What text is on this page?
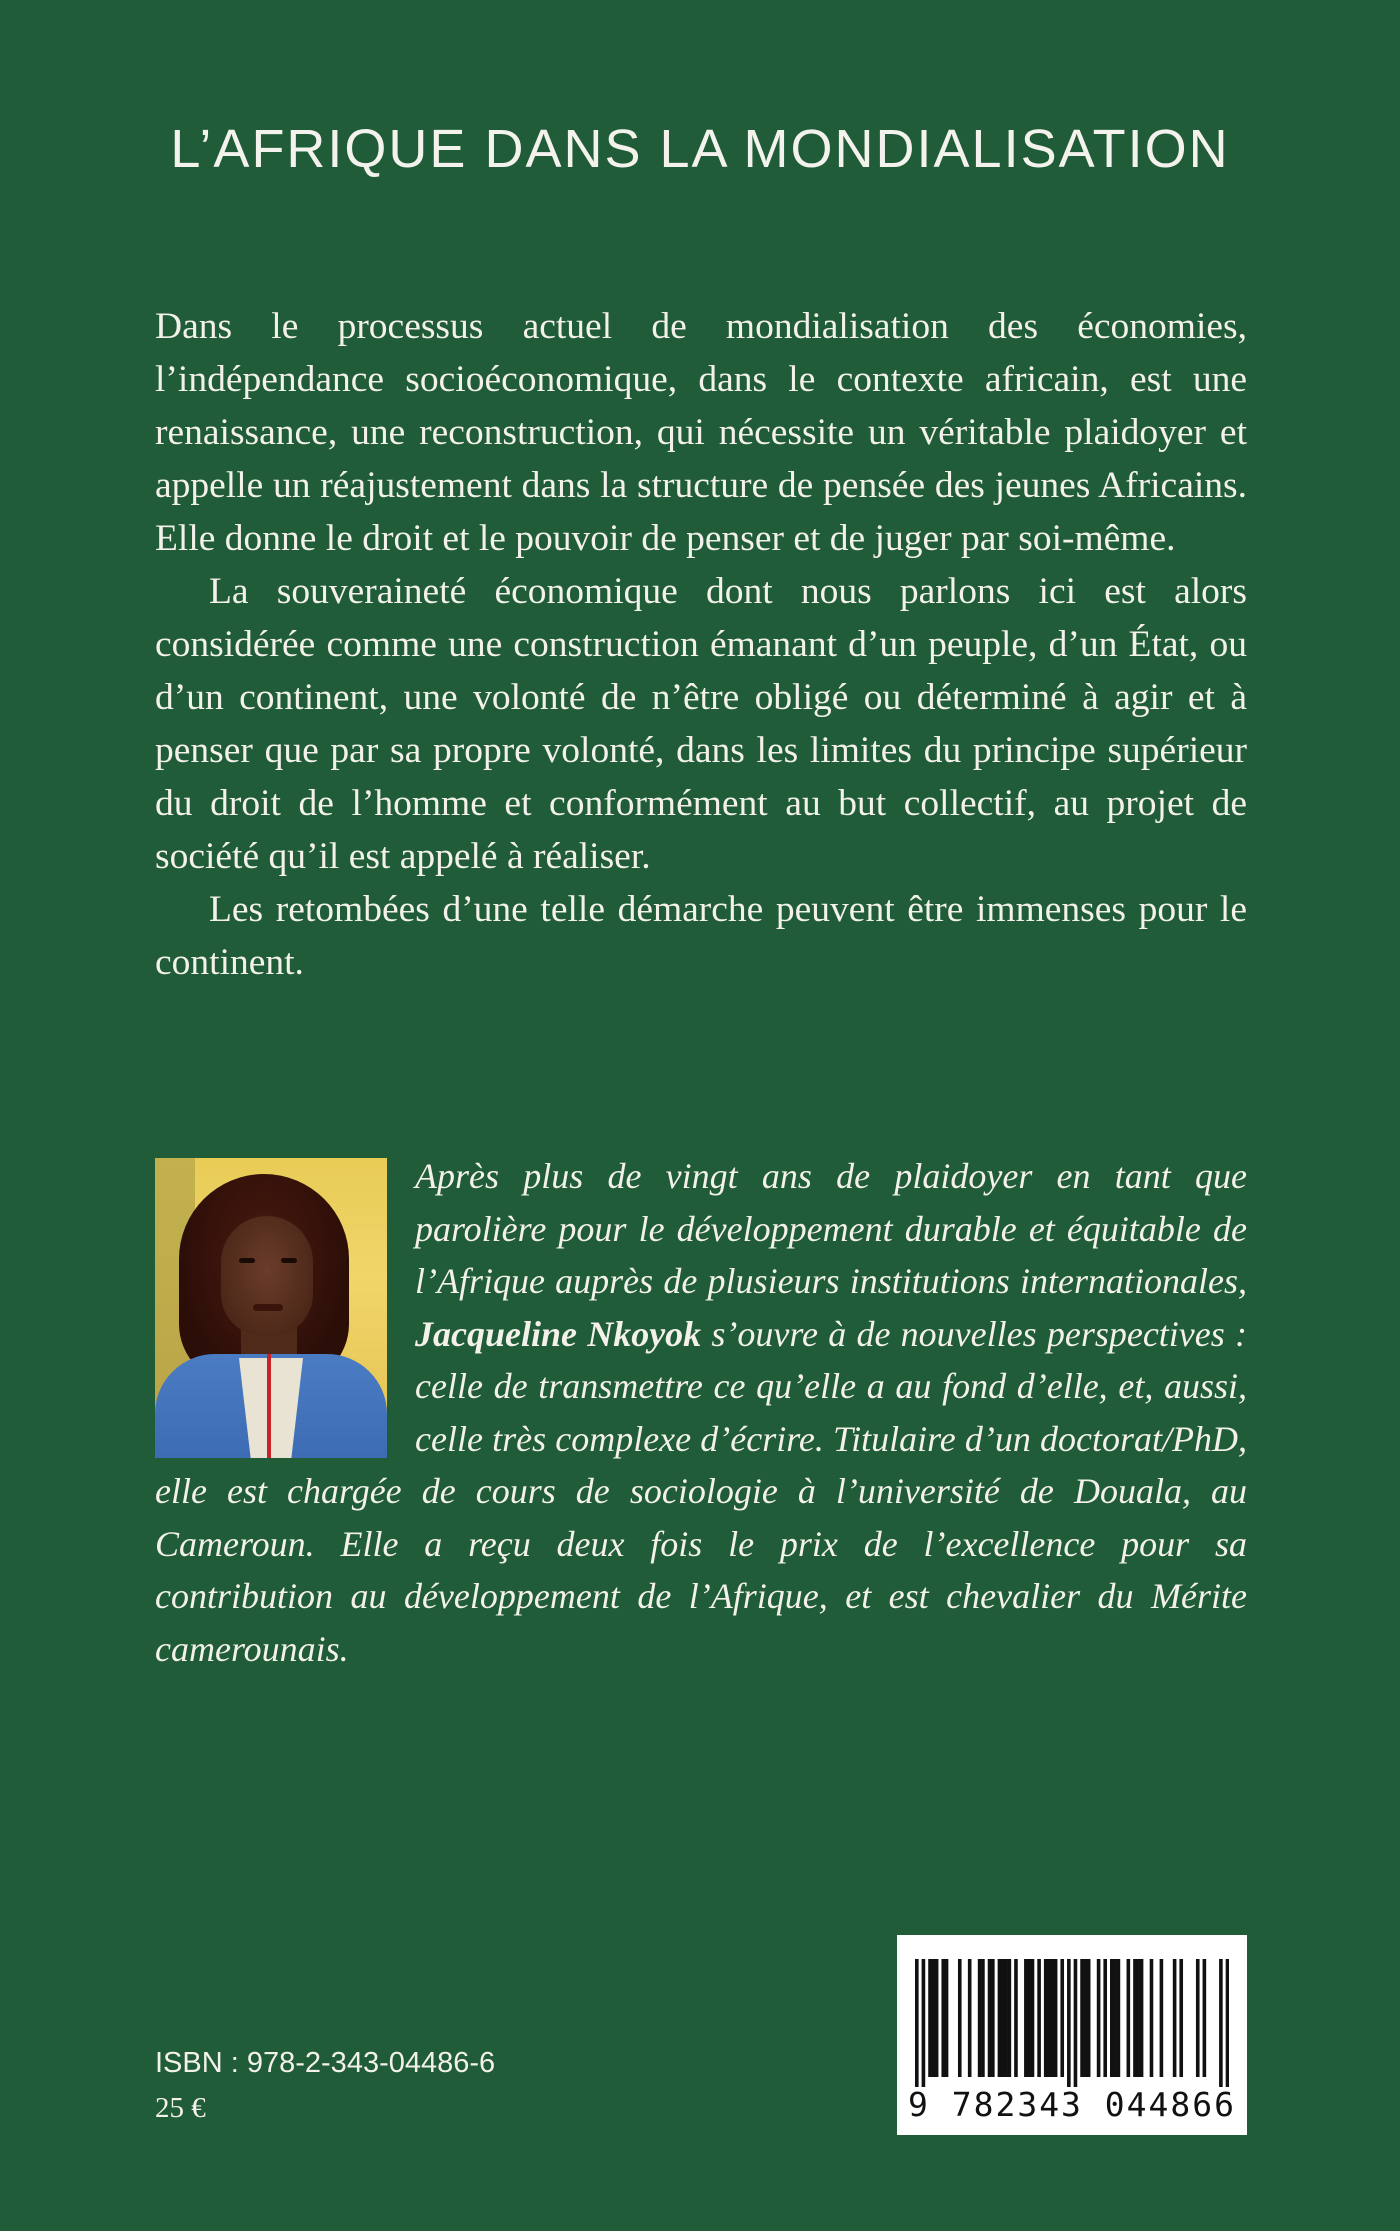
L’AFRIQUE DANS LA MONDIALISATION

Dans le processus actuel de mondialisation des économies, l’indépendance socioéconomique, dans le contexte africain, est une renaissance, une reconstruction, qui nécessite un véritable plaidoyer et appelle un réajustement dans la structure de pensée des jeunes Africains. Elle donne le droit et le pouvoir de penser et de juger par soi-même.

La souveraineté économique dont nous parlons ici est alors considérée comme une construction émanant d’un peuple, d’un État, ou d’un continent, une volonté de n’être obligé ou déterminé à agir et à penser que par sa propre volonté, dans les limites du principe supérieur du droit de l’homme et conformément au but collectif, au projet de société qu’il est appelé à réaliser.

Les retombées d’une telle démarche peuvent être immenses pour le continent.

Après plus de vingt ans de plaidoyer en tant que parolière pour le développement durable et équitable de l’Afrique auprès de plusieurs institutions internationales, Jacqueline Nkoyok s’ouvre à de nouvelles perspectives : celle de transmettre ce qu’elle a au fond d’elle, et, aussi, celle très complexe d’écrire. Titulaire d’un doctorat/PhD, elle est chargée de cours de sociologie à l’université de Douala, au Cameroun. Elle a reçu deux fois le prix de l’excellence pour sa contribution au développement de l’Afrique, et est chevalier du Mérite camerounais.

ISBN : 978-2-343-04486-6

25 €	9 782343 044866
